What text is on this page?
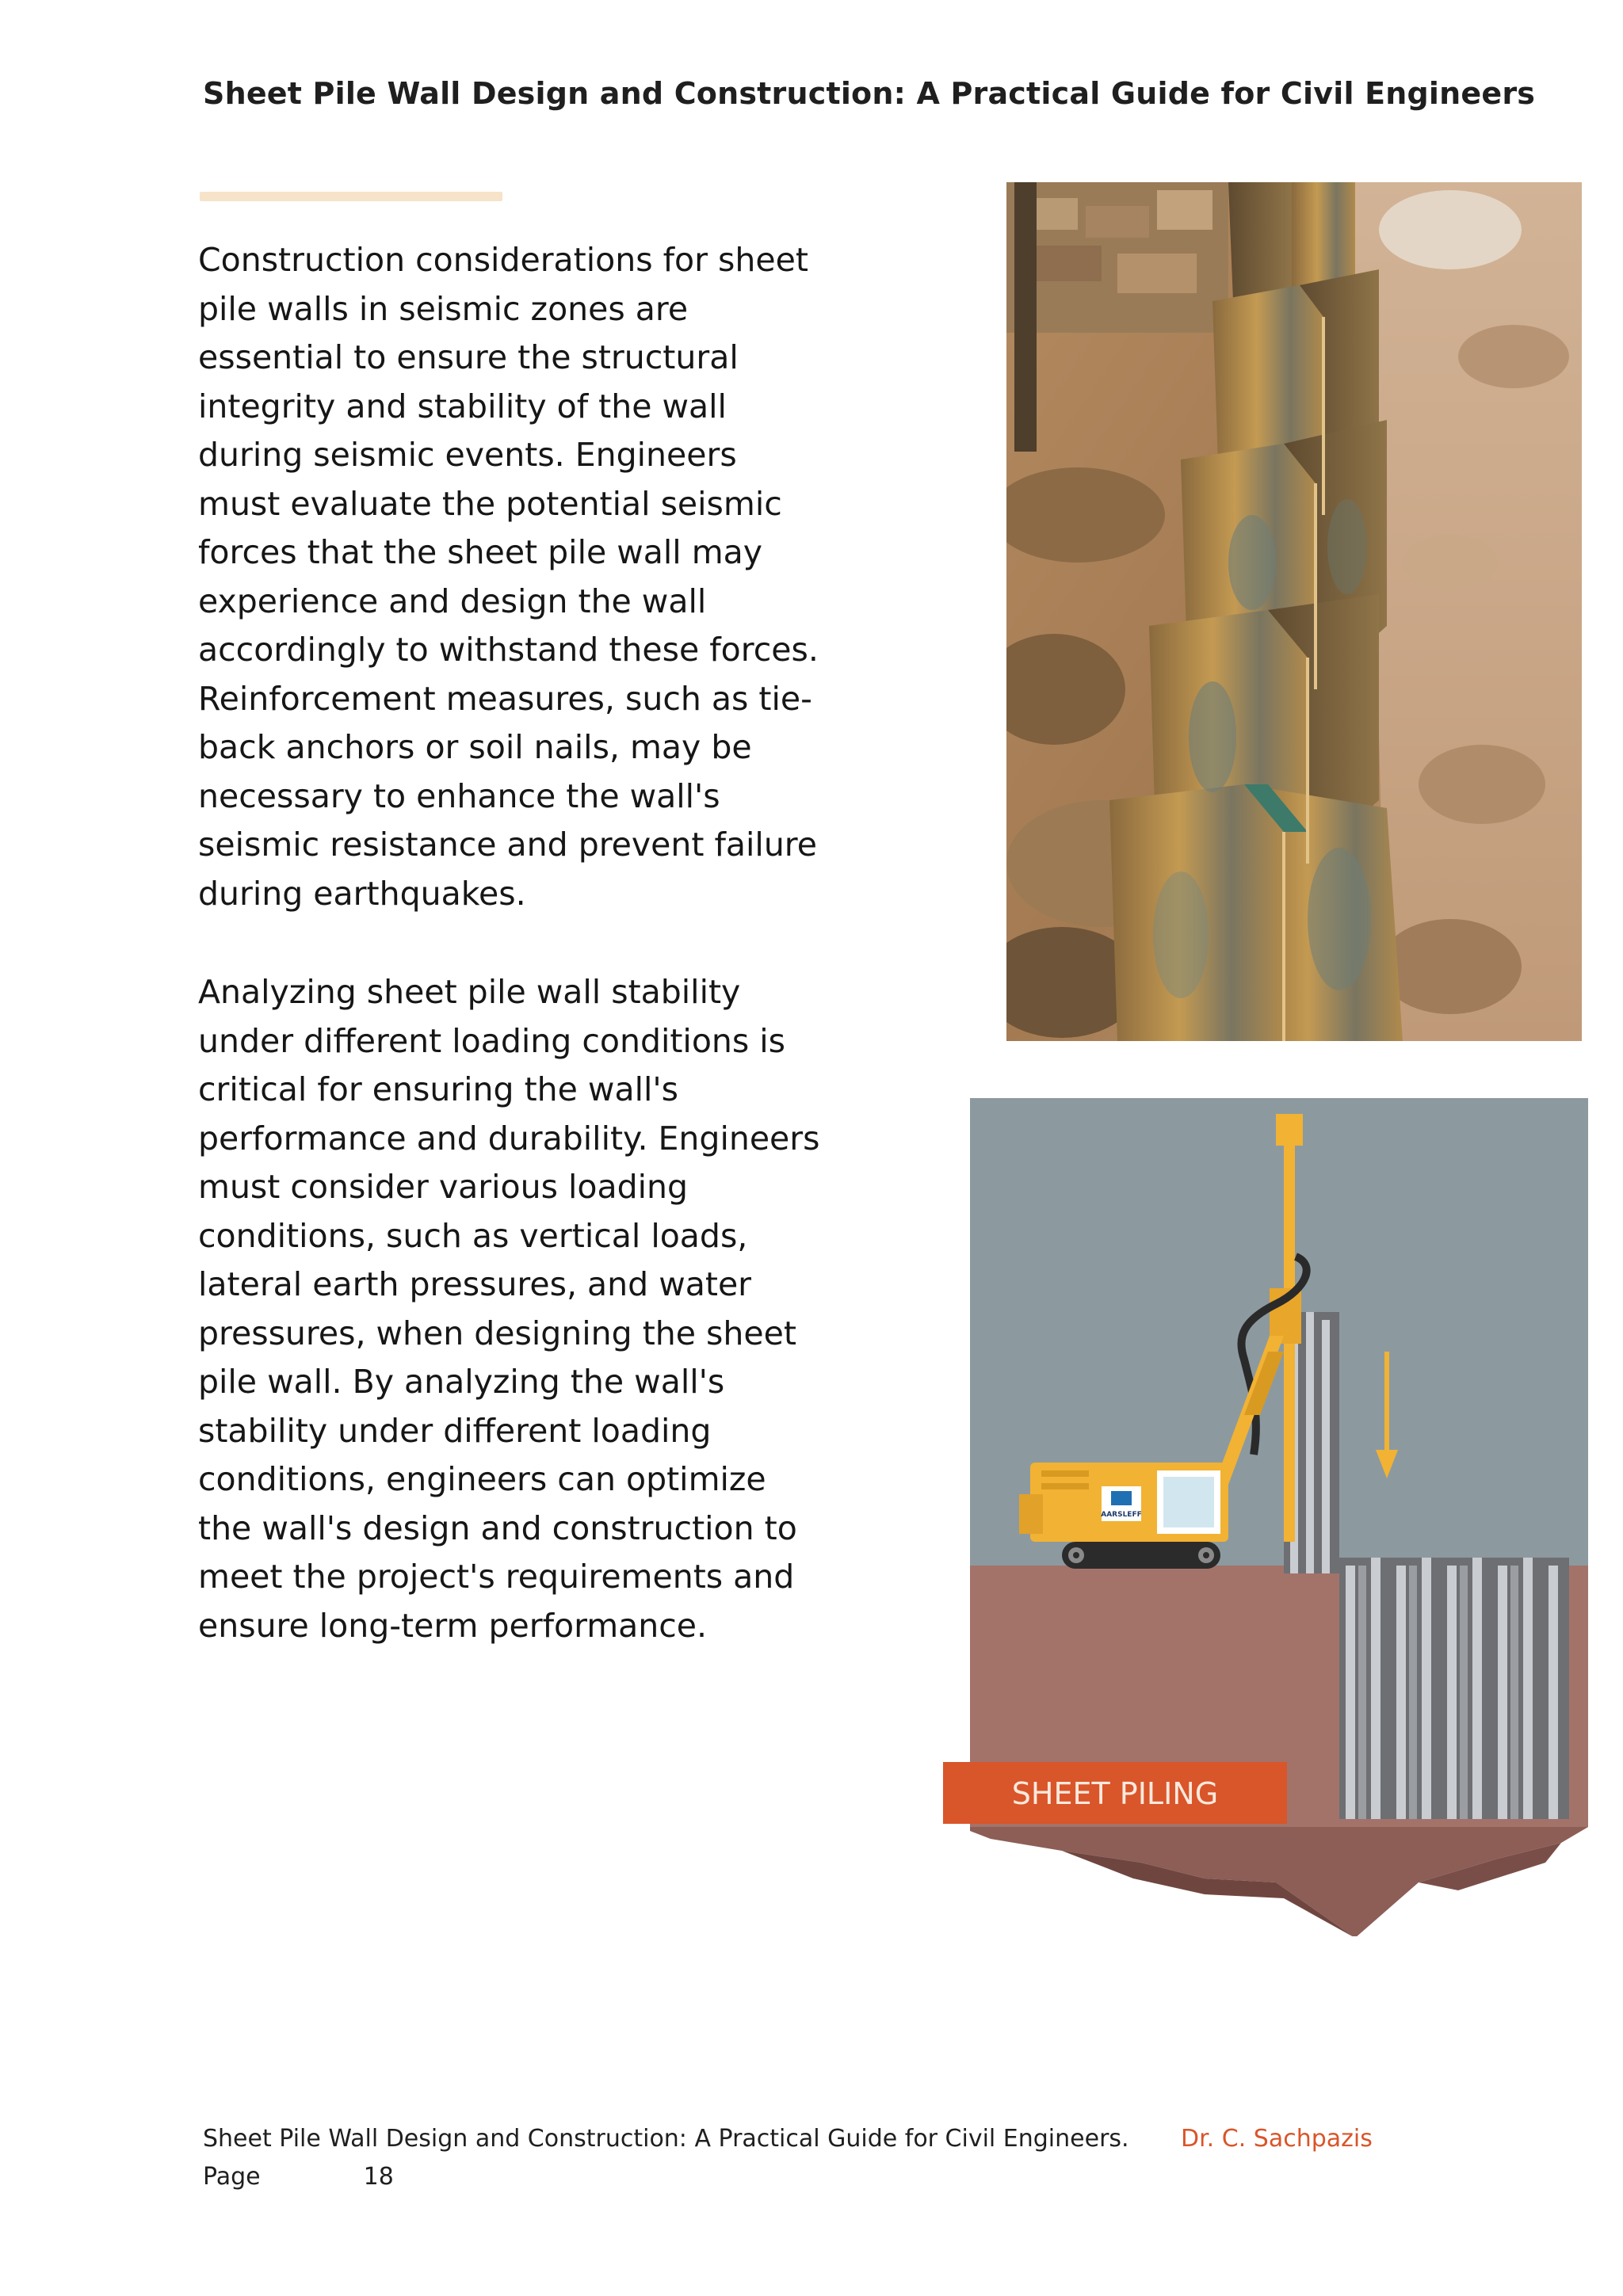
Sheet Pile Wall Design and Construction: A Practical Guide for Civil Engineers
Construction considerations for sheet
pile walls in seismic zones are
essential to ensure the structural
integrity and stability of the wall
during seismic events. Engineers
must evaluate the potential seismic
forces that the sheet pile wall may
experience and design the wall
accordingly to withstand these forces.
Reinforcement measures, such as tie-
back anchors or soil nails, may be
necessary to enhance the wall's
seismic resistance and prevent failure
during earthquakes.
Analyzing sheet pile wall stability
under different loading conditions is
critical for ensuring the wall's
performance and durability. Engineers
must consider various loading
conditions, such as vertical loads,
lateral earth pressures, and water
pressures, when designing the sheet
pile wall. By analyzing the wall's
stability under different loading
conditions, engineers can optimize
the wall's design and construction to
meet the project's requirements and
ensure long-term performance.
AARSLEFF
SHEET PILING
Sheet Pile Wall Design and Construction: A Practical Guide for Civil Engineers. Dr. C. Sachpazis
Page	18
